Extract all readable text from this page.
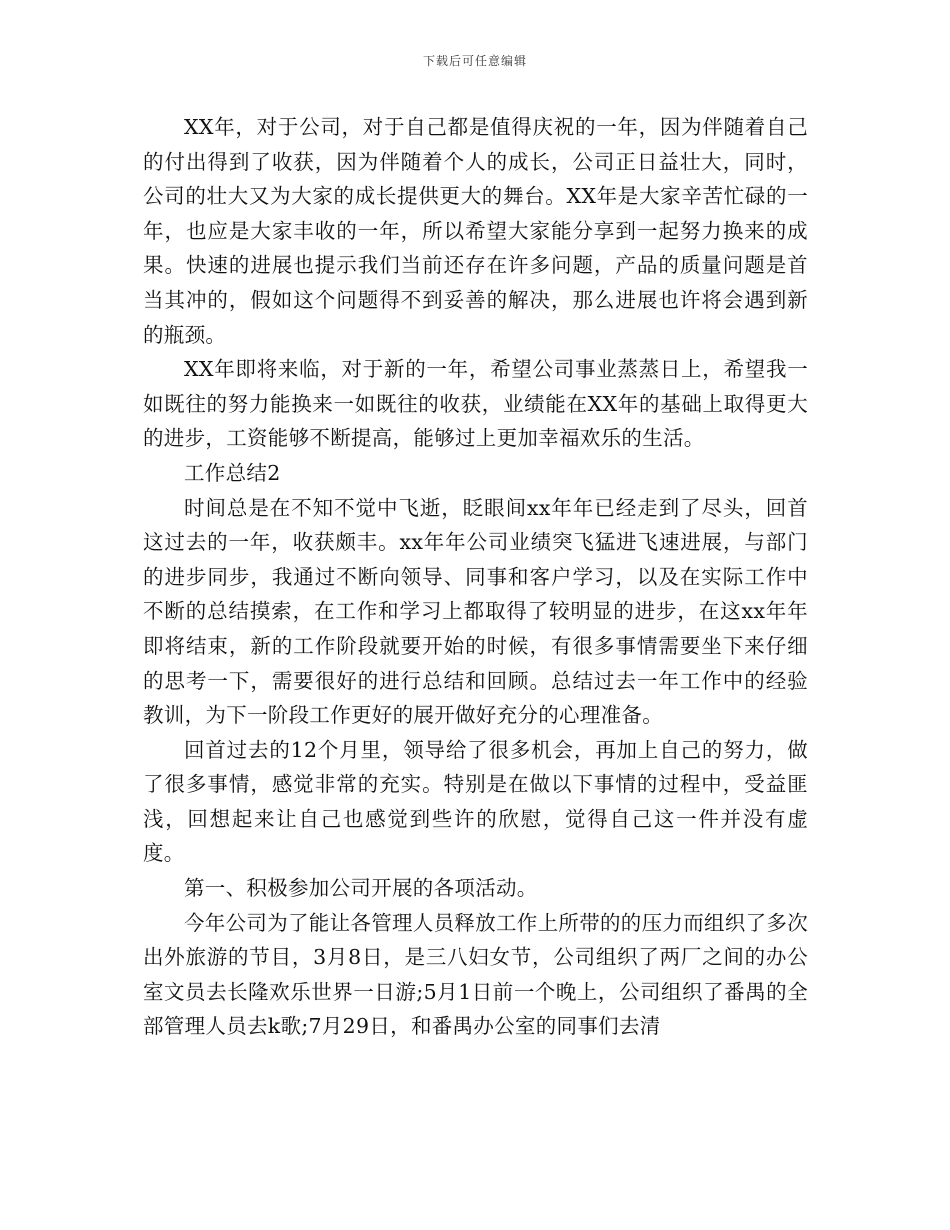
下载后可任意编辑

XX年，对于公司，对于自己都是值得庆祝的一年，因为伴随着自己的付出得到了收获，因为伴随着个人的成长，公司正日益壮大，同时，公司的壮大又为大家的成长提供更大的舞台。XX年是大家辛苦忙碌的一年，也应是大家丰收的一年，所以希望大家能分享到一起努力换来的成果。快速的进展也提示我们当前还存在许多问题，产品的质量问题是首当其冲的，假如这个问题得不到妥善的解决，那么进展也许将会遇到新的瓶颈。

XX年即将来临，对于新的一年，希望公司事业蒸蒸日上，希望我一如既往的努力能换来一如既往的收获，业绩能在XX年的基础上取得更大的进步，工资能够不断提高，能够过上更加幸福欢乐的生活。

工作总结2

时间总是在不知不觉中飞逝，眨眼间xx年年已经走到了尽头，回首这过去的一年，收获颇丰。xx年年公司业绩突飞猛进飞速进展，与部门的进步同步，我通过不断向领导、同事和客户学习，以及在实际工作中不断的总结摸索，在工作和学习上都取得了较明显的进步，在这xx年年即将结束，新的工作阶段就要开始的时候，有很多事情需要坐下来仔细的思考一下，需要很好的进行总结和回顾。总结过去一年工作中的经验教训，为下一阶段工作更好的展开做好充分的心理准备。

回首过去的12个月里，领导给了很多机会，再加上自己的努力，做了很多事情，感觉非常的充实。特别是在做以下事情的过程中，受益匪浅，回想起来让自己也感觉到些许的欣慰，觉得自己这一件并没有虚度。

第一、积极参加公司开展的各项活动。

今年公司为了能让各管理人员释放工作上所带的的压力而组织了多次出外旅游的节目，3月8日，是三八妇女节，公司组织了两厂之间的办公室文员去长隆欢乐世界一日游;5月1日前一个晚上，公司组织了番禺的全部管理人员去k歌;7月29日，和番禺办公室的同事们去清
